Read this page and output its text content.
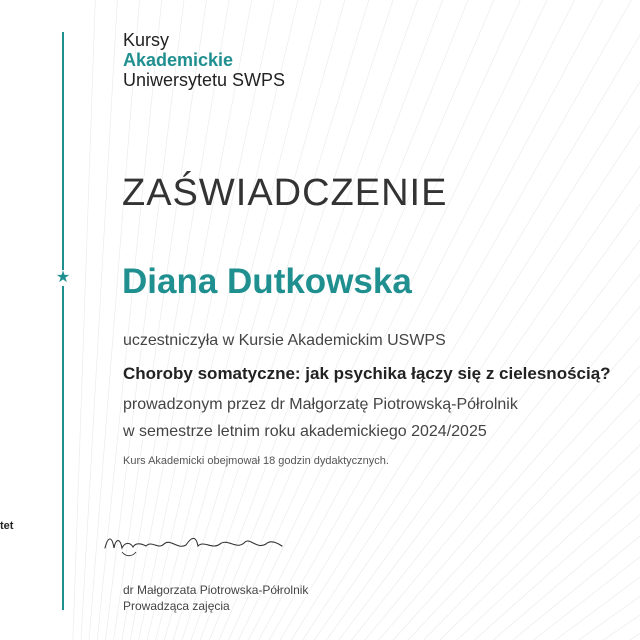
★
Kursy
Akademickie
Uniwersytetu SWPS
ZAŚWIADCZENIE
Diana Dutkowska
uczestniczyła w Kursie Akademickim USWPS
Choroby somatyczne: jak psychika łączy się z cielesnością?
prowadzonym przez dr Małgorzatę Piotrowską-Półrolnik
w semestrze letnim roku akademickiego 2024/2025
Kurs Akademicki obejmował 18 godzin dydaktycznych.
tet
dr Małgorzata Piotrowska-Półrolnik
Prowadząca zajęcia
